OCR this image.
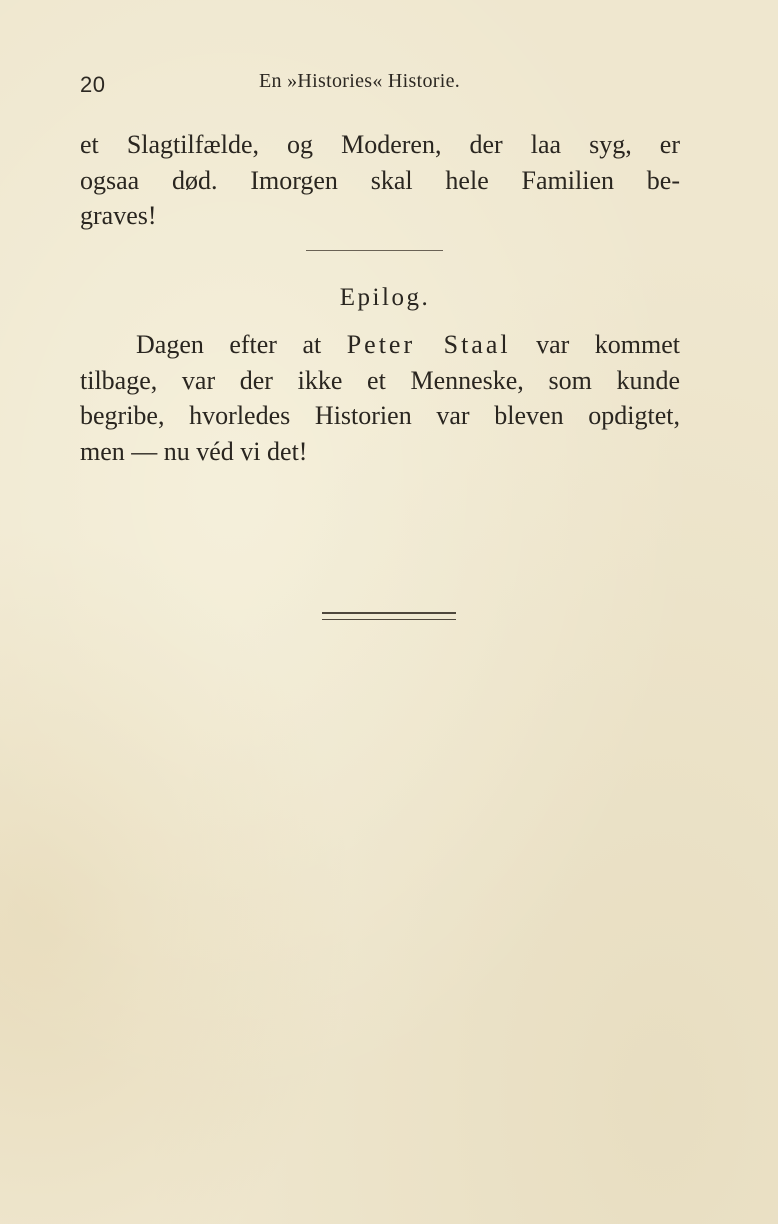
20	En »Histories« Historie.
et Slagtilfælde, og Moderen, der laa syg, er
ogsaa død. Imorgen skal hele Familien be-
graves!
Epilog.
Dagen efter at Peter Staal var kommet
tilbage, var der ikke et Menneske, som kunde
begribe, hvorledes Historien var bleven opdigtet,
men — nu véd vi det!
